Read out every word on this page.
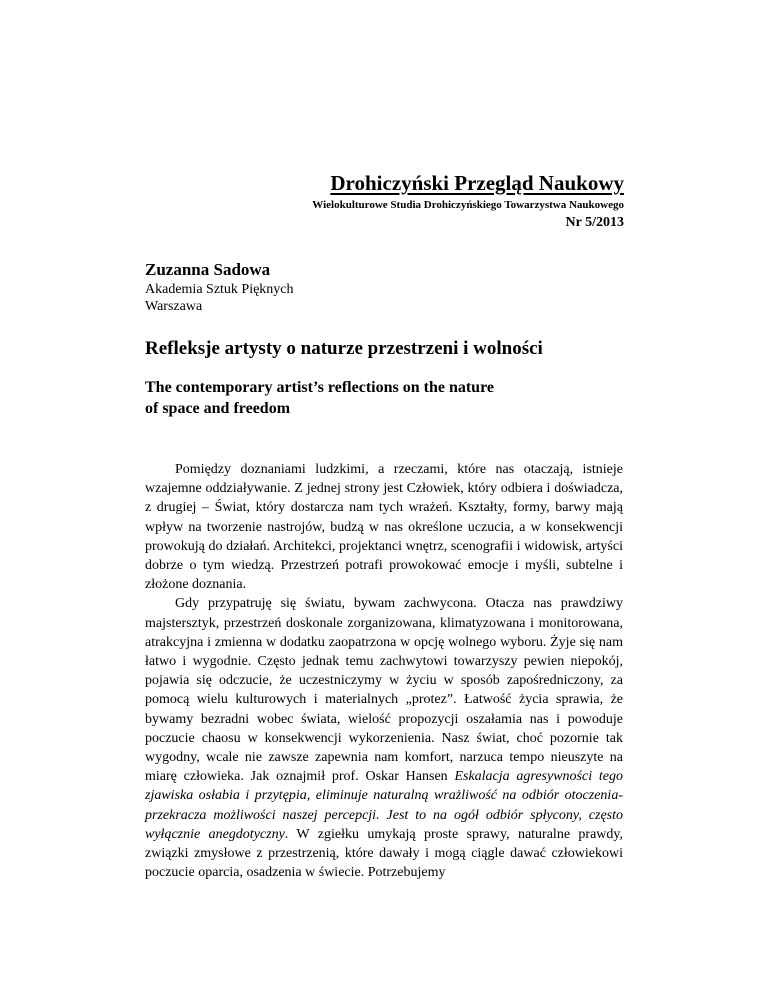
Drohiczyński Przegląd Naukowy
Wielokulturowe Studia Drohiczyńskiego Towarzystwa Naukowego
Nr 5/2013
Zuzanna Sadowa
Akademia Sztuk Pięknych
Warszawa
Refleksje artysty o naturze przestrzeni i wolności
The contemporary artist’s reflections on the nature
of space and freedom

Pomiędzy doznaniami ludzkimi, a rzeczami, które nas otaczają, istnieje wzajemne oddziaływanie. Z jednej strony jest Człowiek, który odbiera i doświadcza, z drugiej – Świat, który dostarcza nam tych wrażeń. Kształty, formy, barwy mają wpływ na tworzenie nastrojów, budzą w nas określone uczucia, a w konsekwencji prowokują do działań. Architekci, projektanci wnętrz, scenografii i widowisk, artyści dobrze o tym wiedzą. Przestrzeń potrafi prowokować emocje i myśli, subtelne i złożone doznania.

Gdy przypatruję się światu, bywam zachwycona. Otacza nas prawdziwy majstersztyk, przestrzeń doskonale zorganizowana, klimatyzowana i monitorowana, atrakcyjna i zmienna w dodatku zaopatrzona w opcję wolnego wyboru. Żyje się nam łatwo i wygodnie. Często jednak temu zachwytowi towarzyszy pewien niepokój, pojawia się odczucie, że uczestniczymy w życiu w sposób zapośredniczony, za pomocą wielu kulturowych i materialnych „protez”. Łatwość życia sprawia, że bywamy bezradni wobec świata, wielość propozycji oszałamia nas i powoduje poczucie chaosu w konsekwencji wykorzenienia. Nasz świat, choć pozornie tak wygodny, wcale nie zawsze zapewnia nam komfort, narzuca tempo nieuszyte na miarę człowieka. Jak oznajmił prof. Oskar Hansen Eskalacja agresywności tego zjawiska osłabia i przytępia, eliminuje naturalną wrażliwość na odbiór otoczenia-przekracza możliwości naszej percepcji. Jest to na ogół odbiór spłycony, często wyłącznie anegdotyczny. W zgiełku umykają proste sprawy, naturalne prawdy, związki zmysłowe z przestrzenią, które dawały i mogą ciągle dawać człowiekowi poczucie oparcia, osadzenia w świecie. Potrzebujemy
